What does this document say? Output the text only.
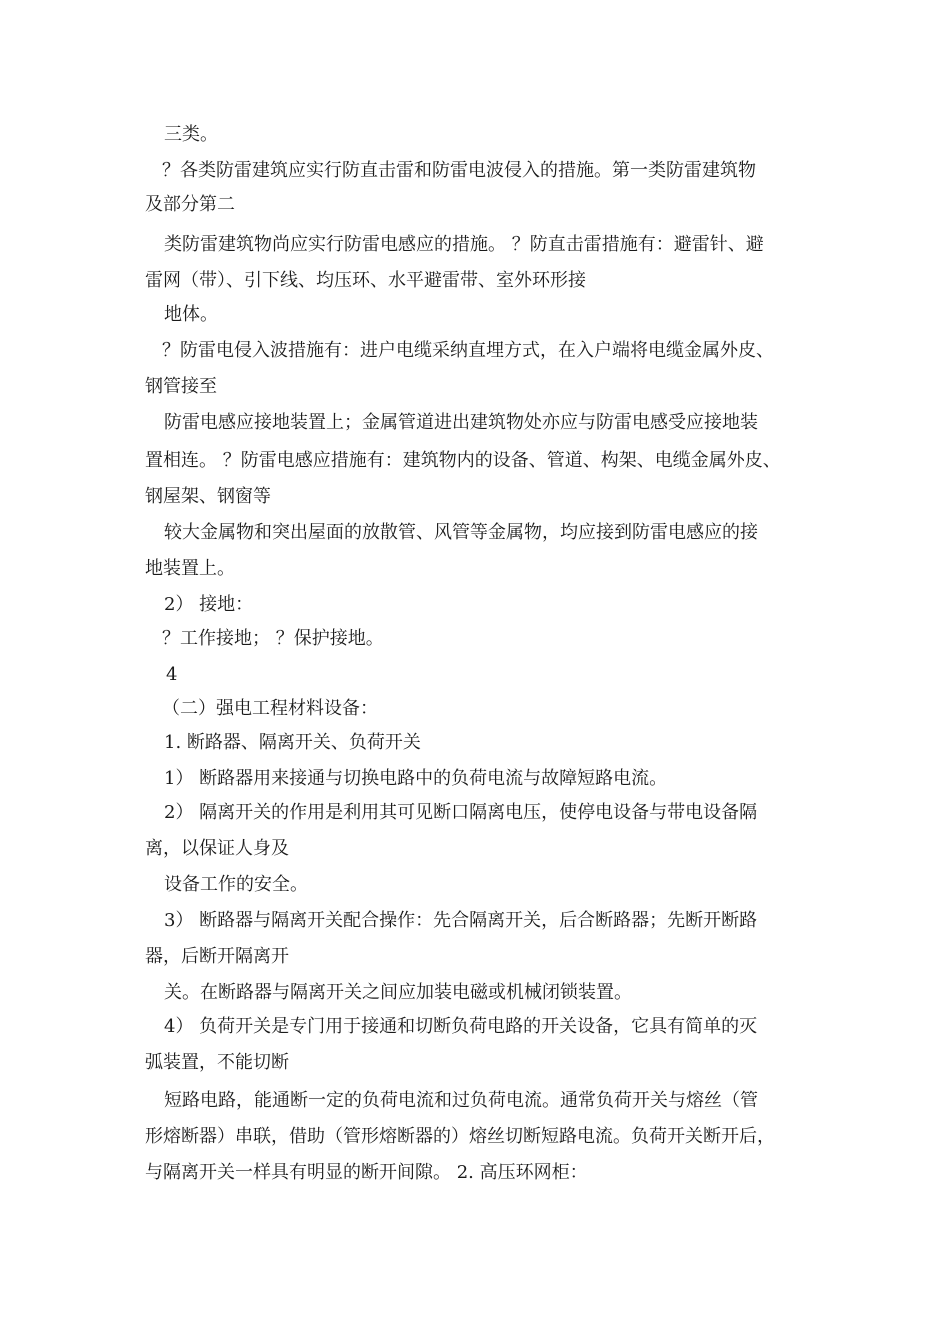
三类。
？各类防雷建筑应实行防直击雷和防雷电波侵入的措施。第一类防雷建筑物
及部分第二
类防雷建筑物尚应实行防雷电感应的措施。 ？防直击雷措施有：避雷针、避
雷网（带）、引下线、均压环、水平避雷带、室外环形接
地体。
？防雷电侵入波措施有：进户电缆采纳直埋方式，在入户端将电缆金属外皮、
钢管接至
防雷电感应接地装置上；金属管道进出建筑物处亦应与防雷电感受应接地装
置相连。 ？防雷电感应措施有：建筑物内的设备、管道、构架、电缆金属外皮、
钢屋架、钢窗等
较大金属物和突出屋面的放散管、风管等金属物，均应接到防雷电感应的接
地装置上。
2） 接地：
？工作接地； ？保护接地。
4
（二）强电工程材料设备：
1. 断路器、隔离开关、负荷开关
1） 断路器用来接通与切换电路中的负荷电流与故障短路电流。
2） 隔离开关的作用是利用其可见断口隔离电压，使停电设备与带电设备隔
离，以保证人身及
设备工作的安全。
3） 断路器与隔离开关配合操作：先合隔离开关，后合断路器；先断开断路
器，后断开隔离开
关。在断路器与隔离开关之间应加装电磁或机械闭锁装置。
4） 负荷开关是专门用于接通和切断负荷电路的开关设备，它具有简单的灭
弧装置，不能切断
短路电路，能通断一定的负荷电流和过负荷电流。通常负荷开关与熔丝（管
形熔断器）串联，借助（管形熔断器的）熔丝切断短路电流。负荷开关断开后，
与隔离开关一样具有明显的断开间隙。 2. 高压环网柜：
